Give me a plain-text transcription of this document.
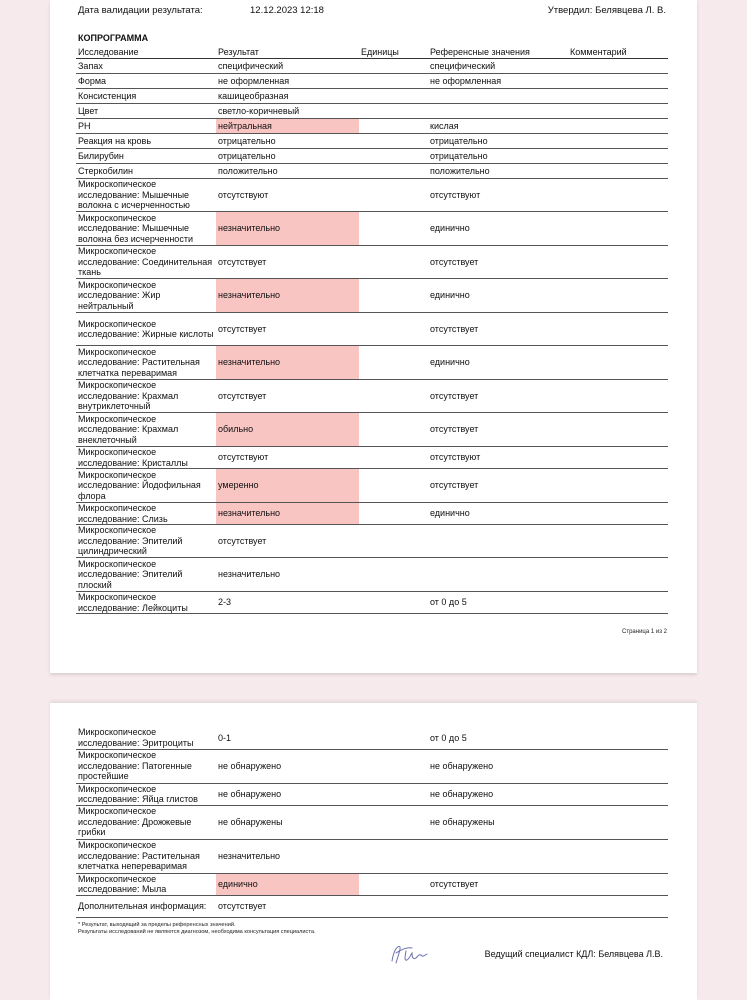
Дата валидации результата:	12.12.2023 12:18	Утвердил: Белявцева Л. В.
КОПРОГРАММА
Исследование	Результат	Единицы	Референсные значения	Комментарий
Запах	специфический		специфический	
Форма	не оформленная		не оформленная	
Консистенция	кашицеобразная			
Цвет	светло-коричневый			
PH	нейтральная		кислая	
Реакция на кровь	отрицательно		отрицательно	
Билирубин	отрицательно		отрицательно	
Стеркобилин	положительно		положительно	
Микроскопическое исследование: Мышечные волокна с исчерченностью	отсутствуют		отсутствуют	
Микроскопическое исследование: Мышечные волокна без исчерченности	незначительно		единично	
Микроскопическое исследование: Соединительная ткань	отсутствует		отсутствует	
Микроскопическое исследование: Жир нейтральный	незначительно		единично	
Микроскопическое исследование: Жирные кислоты	отсутствует		отсутствует	
Микроскопическое исследование: Растительная клетчатка переваримая	незначительно		единично	
Микроскопическое исследование: Крахмал внутриклеточный	отсутствует		отсутствует	
Микроскопическое исследование: Крахмал внеклеточный	обильно		отсутствует	
Микроскопическое исследование: Кристаллы	отсутствуют		отсутствуют	
Микроскопическое исследование: Йодофильная флора	умеренно		отсутствует	
Микроскопическое исследование: Слизь	незначительно		единично	
Микроскопическое исследование: Эпителий цилиндрический	отсутствует			
Микроскопическое исследование: Эпителий плоский	незначительно			
Микроскопическое исследование: Лейкоциты	2-3		от 0 до 5	
Страница 1 из 2
Микроскопическое исследование: Эритроциты	0-1		от 0 до 5	
Микроскопическое исследование: Патогенные простейшие	не обнаружено		не обнаружено	
Микроскопическое исследование: Яйца глистов	не обнаружено		не обнаружено	
Микроскопическое исследование: Дрожжевые грибки	не обнаружены		не обнаружены	
Микроскопическое исследование: Растительная клетчатка непереваримая	незначительно			
Микроскопическое исследование: Мыла	единично		отсутствует	
Дополнительная информация:	отсутствует			
* Результат, выходящий за пределы референсных значений.
Результаты исследований не являются диагнозом, необходима консультация специалиста.
Ведущий специалист КДЛ: Белявцева Л.В.
